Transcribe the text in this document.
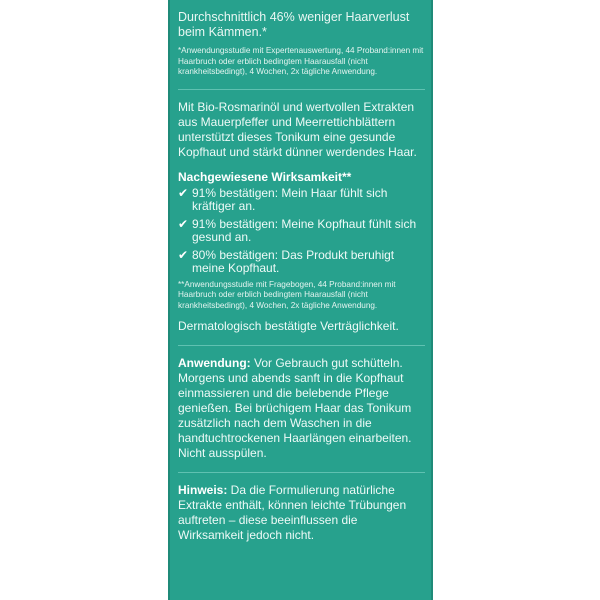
Durchschnittlich 46% weniger Haarverlust beim Kämmen.*

*Anwendungsstudie mit Expertenauswertung, 44 Proband:innen mit Haarbruch oder erblich bedingtem Haarausfall (nicht krankheitsbedingt), 4 Wochen, 2x tägliche Anwendung.

Mit Bio-Rosmarinöl und wertvollen Extrakten aus Mauerpfeffer und Meerrettichblättern unterstützt dieses Tonikum eine gesunde Kopfhaut und stärkt dünner werdendes Haar.

Nachgewiesene Wirksamkeit**

✔ 91% bestätigen: Mein Haar fühlt sich kräftiger an.
✔ 91% bestätigen: Meine Kopfhaut fühlt sich gesund an.
✔ 80% bestätigen: Das Produkt beruhigt meine Kopfhaut.

**Anwendungsstudie mit Fragebogen, 44 Proband:innen mit Haarbruch oder erblich bedingtem Haarausfall (nicht krankheitsbedingt), 4 Wochen, 2x tägliche Anwendung.

Dermatologisch bestätigte Verträglichkeit.

Anwendung: Vor Gebrauch gut schütteln. Morgens und abends sanft in die Kopfhaut einmassieren und die belebende Pflege genießen. Bei brüchigem Haar das Tonikum zusätzlich nach dem Waschen in die handtuchtrockenen Haarlängen einarbeiten. Nicht ausspülen.

Hinweis: Da die Formulierung natürliche Extrakte enthält, können leichte Trübungen auftreten – diese beeinflussen die Wirksamkeit jedoch nicht.
